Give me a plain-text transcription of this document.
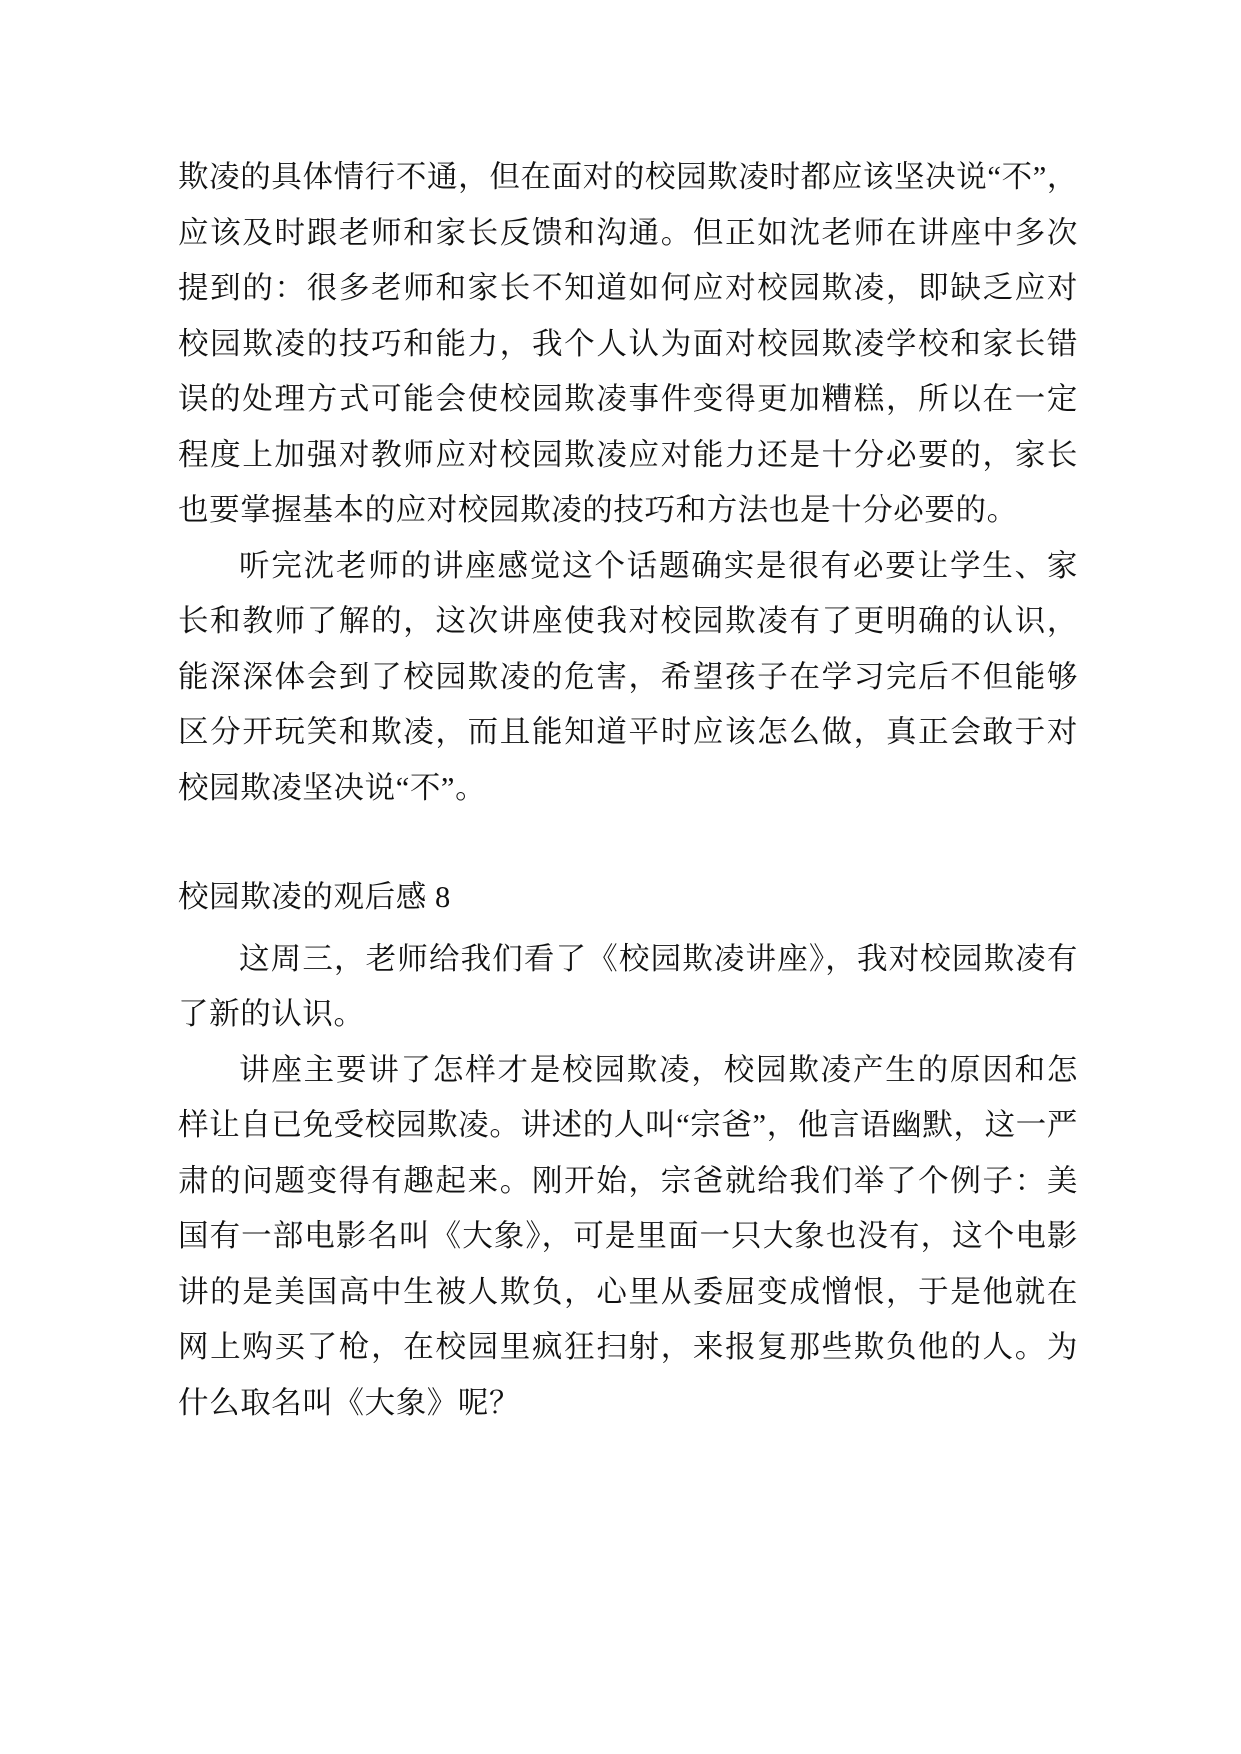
欺凌的具体情行不通，但在面对的校园欺凌时都应该坚决说“不”，应该及时跟老师和家长反馈和沟通。但正如沈老师在讲座中多次提到的：很多老师和家长不知道如何应对校园欺凌，即缺乏应对校园欺凌的技巧和能力，我个人认为面对校园欺凌学校和家长错误的处理方式可能会使校园欺凌事件变得更加糟糕，所以在一定程度上加强对教师应对校园欺凌应对能力还是十分必要的，家长也要掌握基本的应对校园欺凌的技巧和方法也是十分必要的。

听完沈老师的讲座感觉这个话题确实是很有必要让学生、家长和教师了解的，这次讲座使我对校园欺凌有了更明确的认识，能深深体会到了校园欺凌的危害，希望孩子在学习完后不但能够区分开玩笑和欺凌，而且能知道平时应该怎么做，真正会敢于对校园欺凌坚决说“不”。

校园欺凌的观后感 8

这周三，老师给我们看了《校园欺凌讲座》，我对校园欺凌有了新的认识。

讲座主要讲了怎样才是校园欺凌，校园欺凌产生的原因和怎样让自已免受校园欺凌。讲述的人叫“宗爸”，他言语幽默，这一严肃的问题变得有趣起来。刚开始，宗爸就给我们举了个例子：美国有一部电影名叫《大象》，可是里面一只大象也没有，这个电影讲的是美国高中生被人欺负，心里从委屈变成憎恨，于是他就在网上购买了枪，在校园里疯狂扫射，来报复那些欺负他的人。为什么取名叫《大象》呢？
